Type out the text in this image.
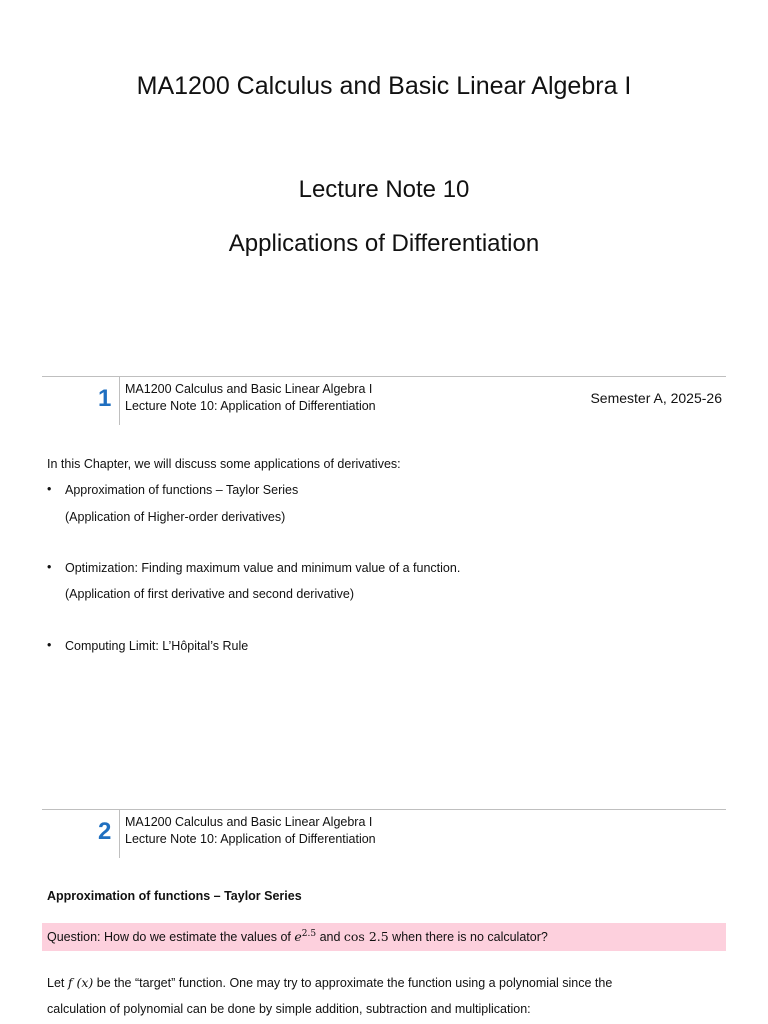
MA1200 Calculus and Basic Linear Algebra I
Lecture Note 10
Applications of Differentiation
1 MA1200 Calculus and Basic Linear Algebra I
Lecture Note 10: Application of Differentiation	Semester A, 2025-26
In this Chapter, we will discuss some applications of derivatives:
• Approximation of functions – Taylor Series
(Application of Higher-order derivatives)
• Optimization: Finding maximum value and minimum value of a function.
(Application of first derivative and second derivative)
• Computing Limit: L’Hôpital’s Rule
2 MA1200 Calculus and Basic Linear Algebra I
Lecture Note 10: Application of Differentiation
Approximation of functions – Taylor Series
Question: How do we estimate the values of $e^{2.5}$ and cos 2.5 when there is no calculator?
Let f (x) be the “target” function. One may try to approximate the function using a polynomial since the
calculation of polynomial can be done by simple addition, subtraction and multiplication:
